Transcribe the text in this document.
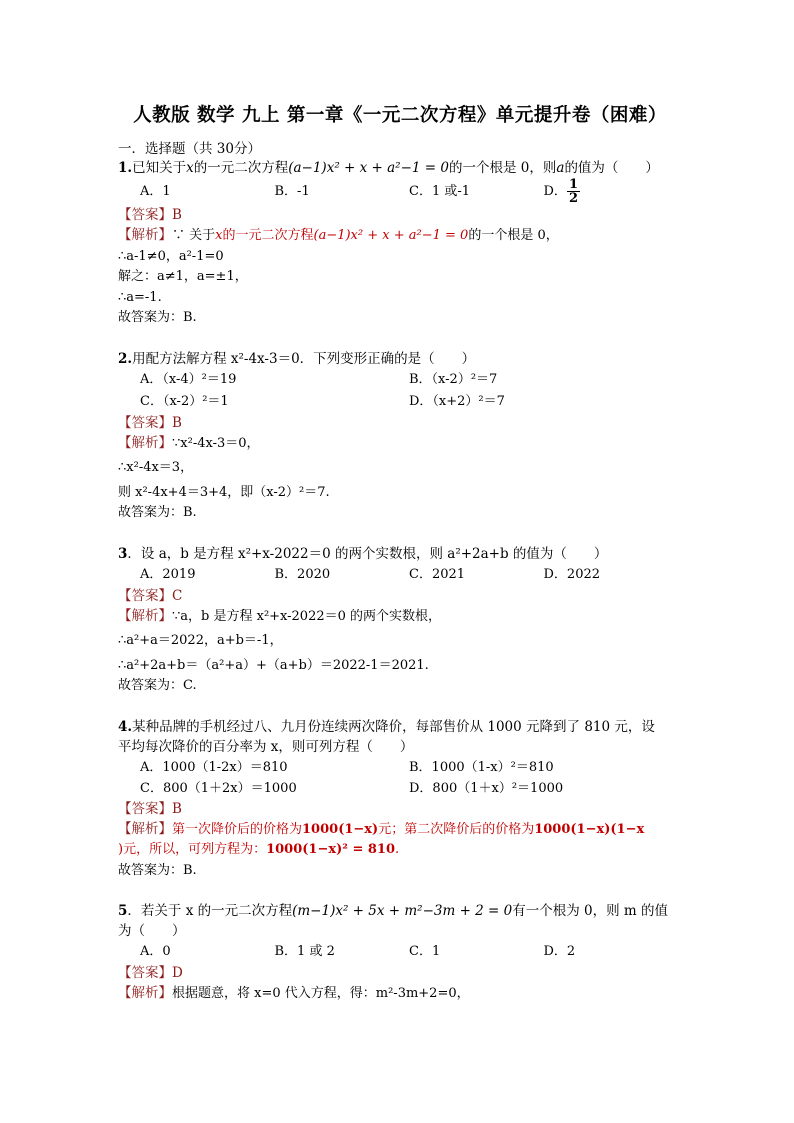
人教版 数学 九上 第一章《一元二次方程》单元提升卷（困难）
一．选择题（共 30分）
1.已知关于x的一元二次方程(a−1)x² + x + a²−1 = 0的一个根是 0，则a的值为（　　）
A．1	B．-1	C．1 或-1	D． $\frac{1}{2}$
【答案】B
【解析】∵ 关于x的一元二次方程(a−1)x² + x + a²−1 = 0的一个根是 0，
∴a-1≠0，a²-1=0
解之：a≠1，a=±1，
∴a=-1.
故答案为：B.
2.用配方法解方程 x²-4x-3＝0．下列变形正确的是（　　）
A．（x-4）²＝19	B．（x-2）²＝7
C．（x-2）²＝1	D．（x+2）²＝7
【答案】B
【解析】∵x²-4x-3＝0，
∴x²-4x＝3，
则 x²-4x+4＝3+4，即（x-2）²＝7.
故答案为：B.
3．设 a，b 是方程 x²+x-2022＝0 的两个实数根，则 a²+2a+b 的值为（　　）
A．2019	B．2020	C．2021	D．2022
【答案】C
【解析】∵a，b 是方程 x²+x-2022＝0 的两个实数根，
∴a²+a＝2022，a+b＝-1，
∴a²+2a+b＝（a²+a）+（a+b）＝2022-1＝2021.
故答案为：C.
4.某种品牌的手机经过八、九月份连续两次降价，每部售价从 1000 元降到了 810 元，设
平均每次降价的百分率为 x，则可列方程（　　）
A．1000（1-2x）＝810	B．1000（1-x）²＝810
C．800（1＋2x）＝1000	D．800（1＋x）²＝1000
【答案】B
【解析】第一次降价后的价格为1000(1−x)元；第二次降价后的价格为1000(1−x)(1−x
)元，所以，可列方程为：1000(1−x)² = 810.
故答案为：B.
5．若关于 x 的一元二次方程(m−1)x² + 5x + m²−3m + 2 = 0有一个根为 0，则 m 的值
为（　　）
A．0	B．1 或 2	C．1	D．2
【答案】D
【解析】根据题意，将 x=0 代入方程，得：m²-3m+2=0，
